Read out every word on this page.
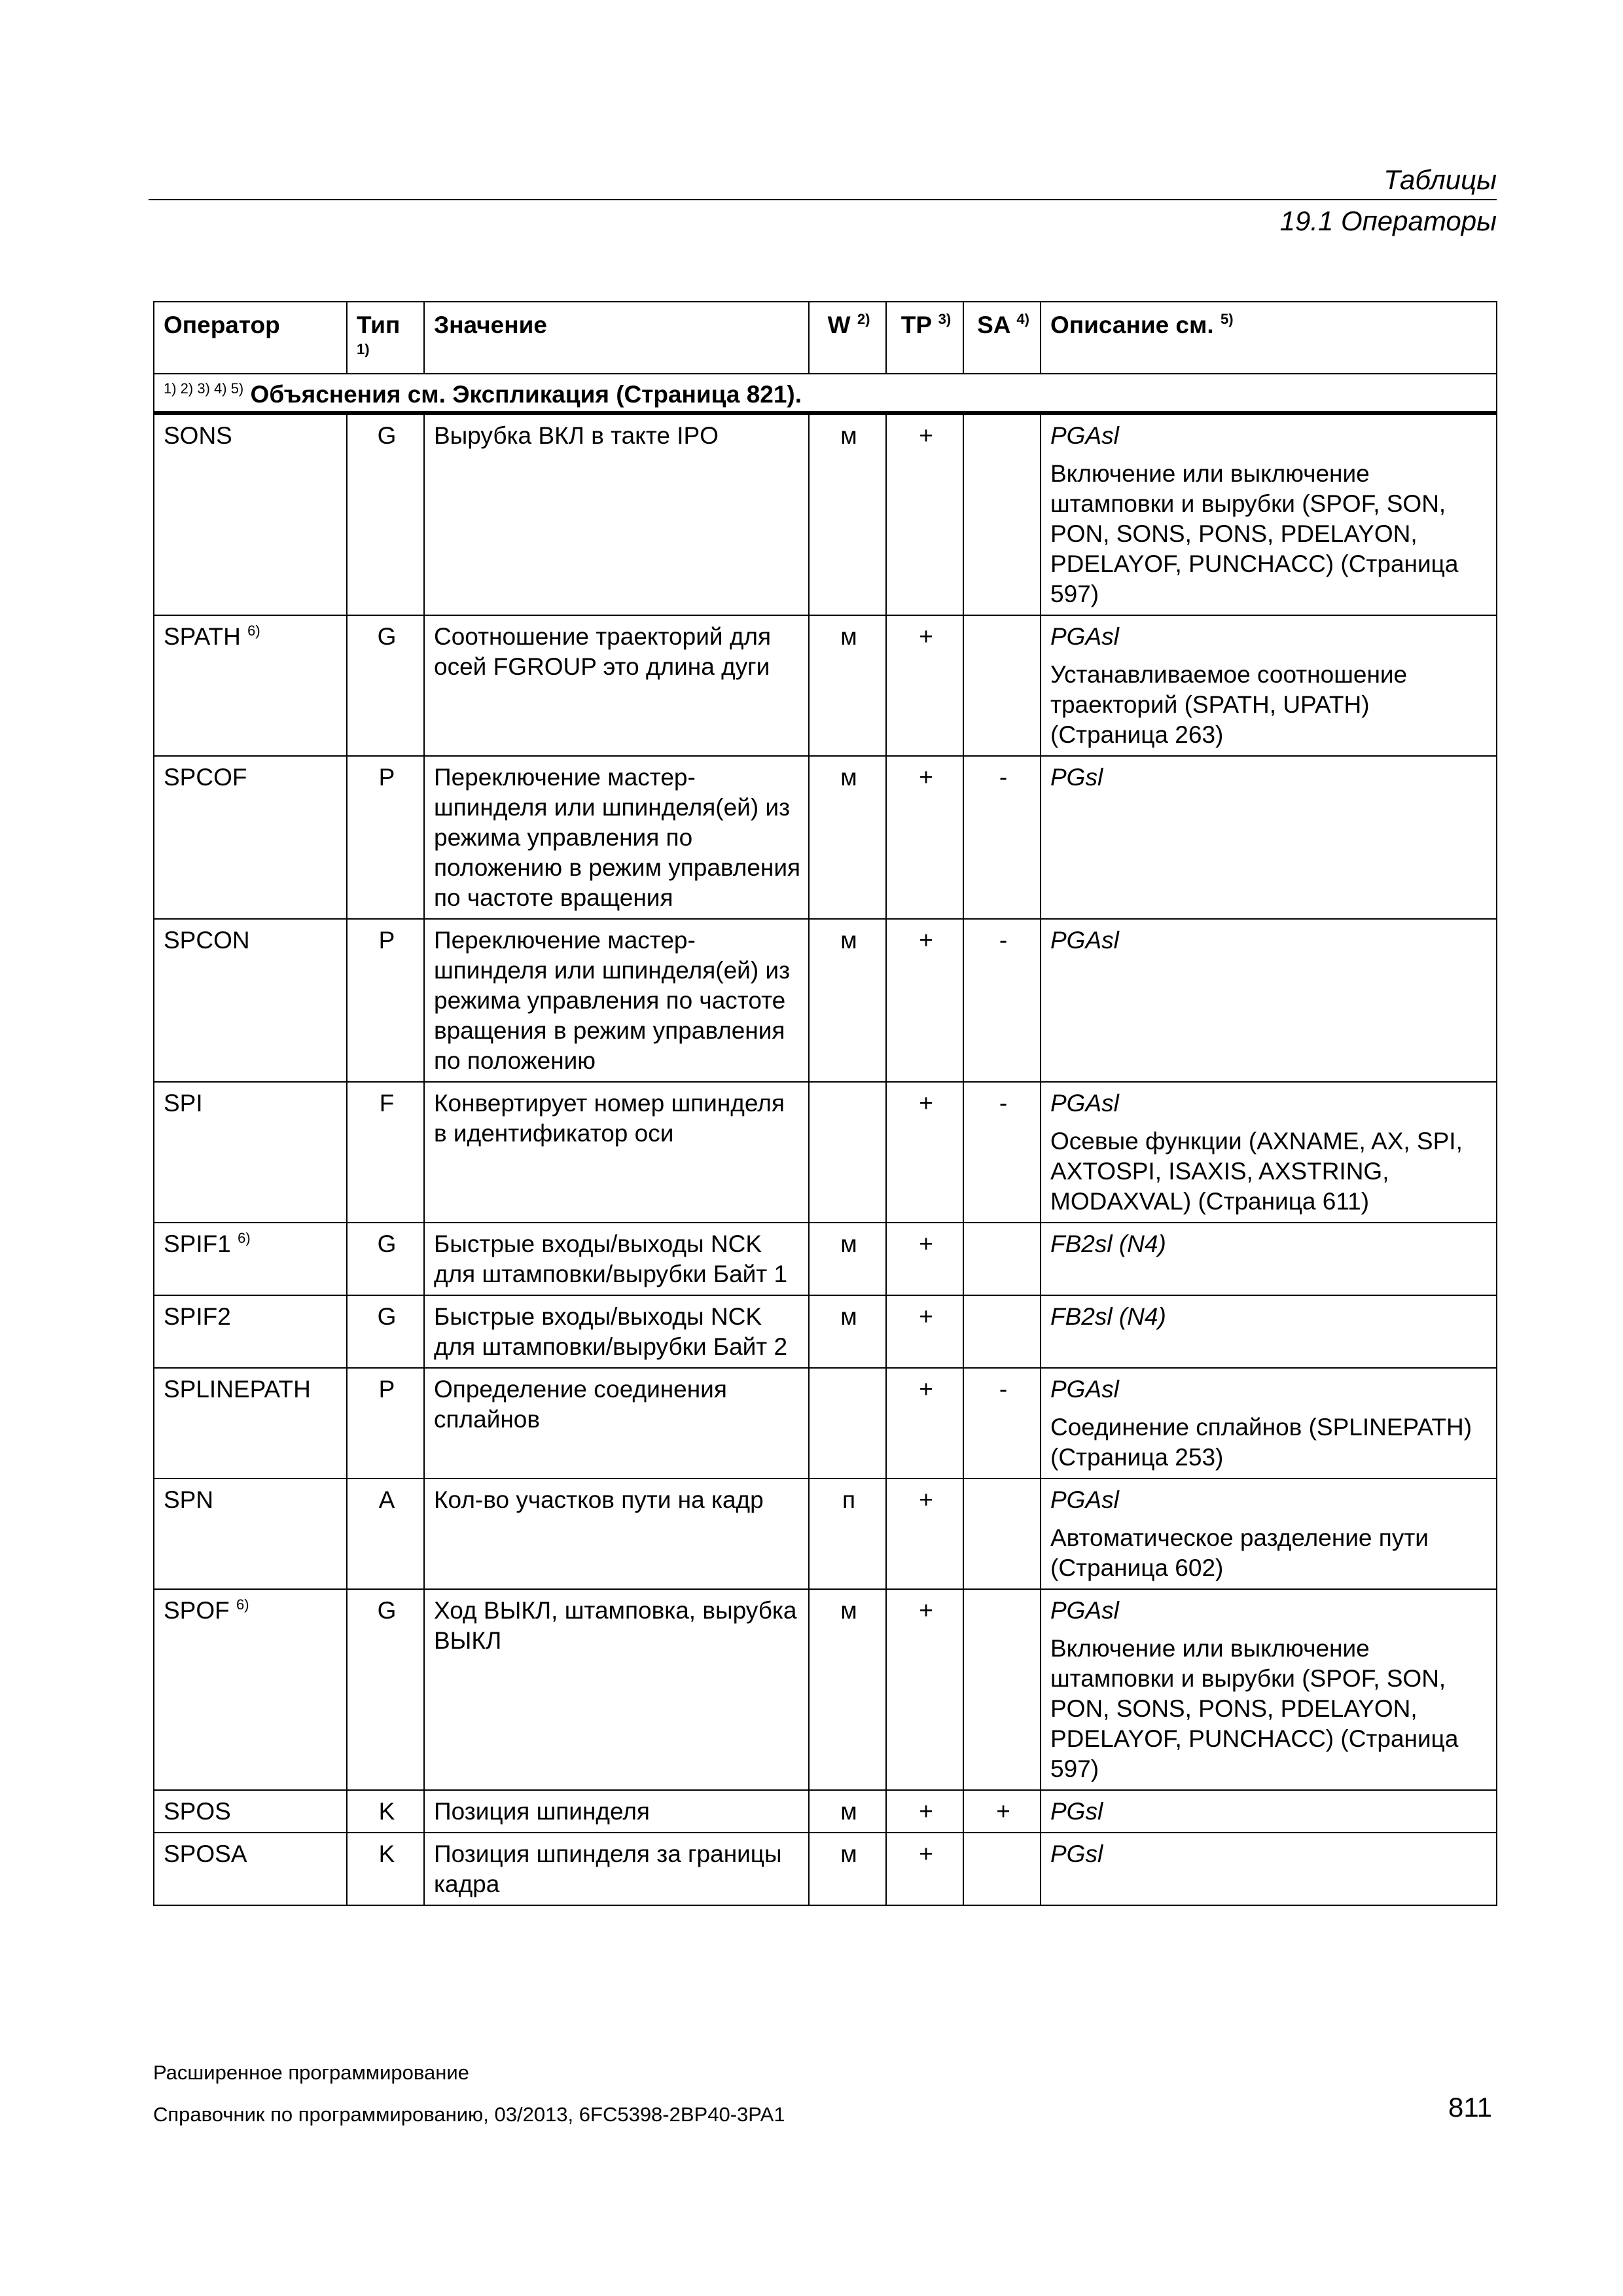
Таблицы
19.1 Операторы
Оператор	Тип $^{1)}$	Значение	W $^{2)}$	TP $^{3)}$	SA $^{4)}$	Описание см. $^{5)}$
$^{1) 2) 3) 4) 5)}$ Объяснения см. Экспликация (Страница 821).						
SONS	G	Вырубка ВКЛ в такте IPO	м	+		PGAsl
Включение или выключение штамповки и вырубки (SPOF, SON, PON, SONS, PONS, PDELAYON, PDELAYOF, PUNCHACC) (Страница 597)

SPATH $^{6)}$	G	Соотношение траекторий для осей FGROUP это длина дуги	м	+		PGAsl
Устанавливаемое соотношение траекторий (SPATH, UPATH) (Страница 263)

SPCOF	P	Переключение мастер-шпинделя или шпинделя(ей) из режима управления по положению в режим управления по частоте вращения	м	+	-	PGsl

SPCON	P	Переключение мастер-шпинделя или шпинделя(ей) из режима управления по частоте вращения в режим управления по положению	м	+	-	PGAsl

SPI	F	Конвертирует номер шпинделя в идентификатор оси		+	-	PGAsl
Осевые функции (AXNAME, AX, SPI, AXTOSPI, ISAXIS, AXSTRING, MODAXVAL) (Страница 611)

SPIF1 $^{6)}$	G	Быстрые входы/выходы NCK для штамповки/вырубки Байт 1	м	+		FB2sl (N4)

SPIF2	G	Быстрые входы/выходы NCK для штамповки/вырубки Байт 2	м	+		FB2sl (N4)

SPLINEPATH	P	Определение соединения сплайнов		+	-	PGAsl
Соединение сплайнов (SPLINEPATH) (Страница 253)

SPN	A	Кол-во участков пути на кадр	п	+		PGAsl
Автоматическое разделение пути (Страница 602)

SPOF $^{6)}$	G	Ход ВЫКЛ, штамповка, вырубка ВЫКЛ	м	+		PGAsl
Включение или выключение штамповки и вырубки (SPOF, SON, PON, SONS, PONS, PDELAYON, PDELAYOF, PUNCHACC) (Страница 597)

SPOS	K	Позиция шпинделя	м	+	+	PGsl

SPOSA	K	Позиция шпинделя за границы кадра	м	+		PGsl
Расширенное программирование
Справочник по программированию, 03/2013, 6FC5398-2BP40-3PA1	811
